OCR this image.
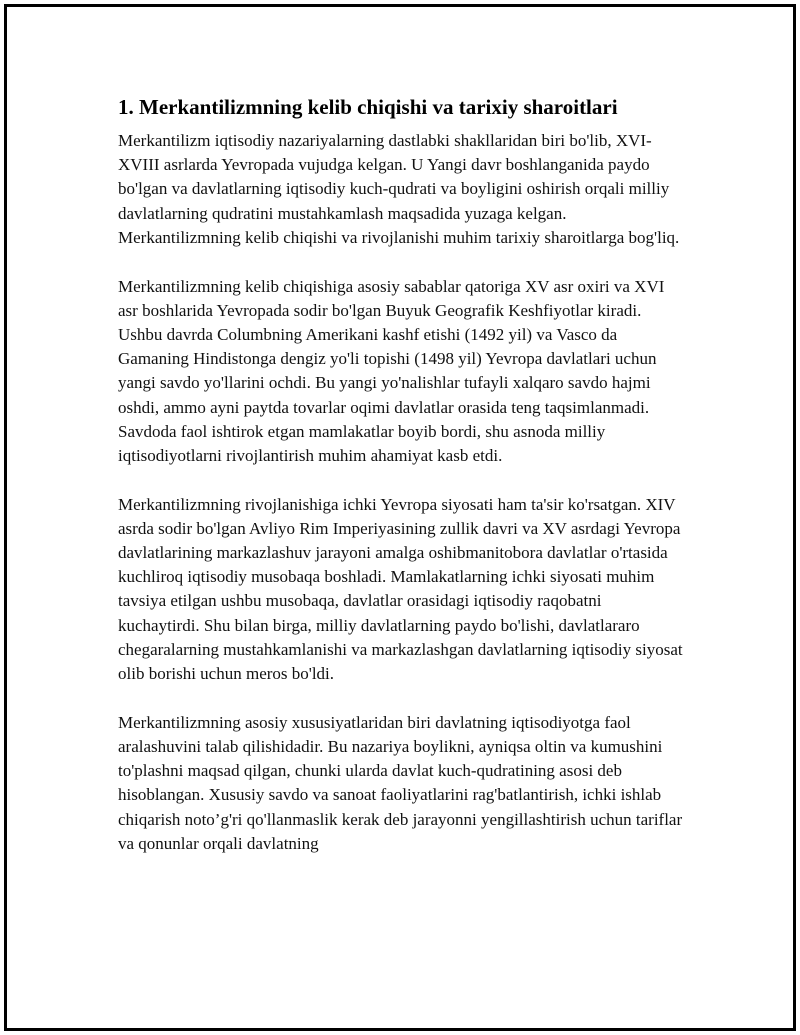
1. Merkantilizmning kelib chiqishi va tarixiy sharoitlari

Merkantilizm iqtisodiy nazariyalarning dastlabki shakllaridan biri bo'lib, XVI-XVIII asrlarda Yevropada vujudga kelgan. U Yangi davr boshlanganida paydo bo'lgan va davlatlarning iqtisodiy kuch-qudrati va boyligini oshirish orqali milliy davlatlarning qudratini mustahkamlash maqsadida yuzaga kelgan. Merkantilizmning kelib chiqishi va rivojlanishi muhim tarixiy sharoitlarga bog'liq.

Merkantilizmning kelib chiqishiga asosiy sabablar qatoriga XV asr oxiri va XVI asr boshlarida Yevropada sodir bo'lgan Buyuk Geografik Keshfiyotlar kiradi. Ushbu davrda Columbning Amerikani kashf etishi (1492 yil) va Vasco da Gamaning Hindistonga dengiz yo'li topishi (1498 yil) Yevropa davlatlari uchun yangi savdo yo'llarini ochdi. Bu yangi yo'nalishlar tufayli xalqaro savdo hajmi oshdi, ammo ayni paytda tovarlar oqimi davlatlar orasida teng taqsimlanmadi. Savdoda faol ishtirok etgan mamlakatlar boyib bordi, shu asnoda milliy iqtisodiyotlarni rivojlantirish muhim ahamiyat kasb etdi.

Merkantilizmning rivojlanishiga ichki Yevropa siyosati ham ta'sir ko'rsatgan. XIV asrda sodir bo'lgan Avliyo Rim Imperiyasining zullik davri va XV asrdagi Yevropa davlatlarining markazlashuv jarayoni amalga oshibmanitobora davlatlar o'rtasida kuchliroq iqtisodiy musobaqa boshladi. Mamlakatlarning ichki siyosati muhim tavsiya etilgan ushbu musobaqa, davlatlar orasidagi iqtisodiy raqobatni kuchaytirdi. Shu bilan birga, milliy davlatlarning paydo bo'lishi, davlatlararo chegaralarning mustahkamlanishi va markazlashgan davlatlarning iqtisodiy siyosat olib borishi uchun meros bo'ldi.

Merkantilizmning asosiy xususiyatlaridan biri davlatning iqtisodiyotga faol aralashuvini talab qilishidadir. Bu nazariya boylikni, ayniqsa oltin va kumushini to'plashni maqsad qilgan, chunki ularda davlat kuch-qudratining asosi deb hisoblangan. Xususiy savdo va sanoat faoliyatlarini rag'batlantirish, ichki ishlab chiqarish noto’g'ri qo'llanmaslik kerak deb jarayonni yengillashtirish uchun tariflar va qonunlar orqali davlatning
